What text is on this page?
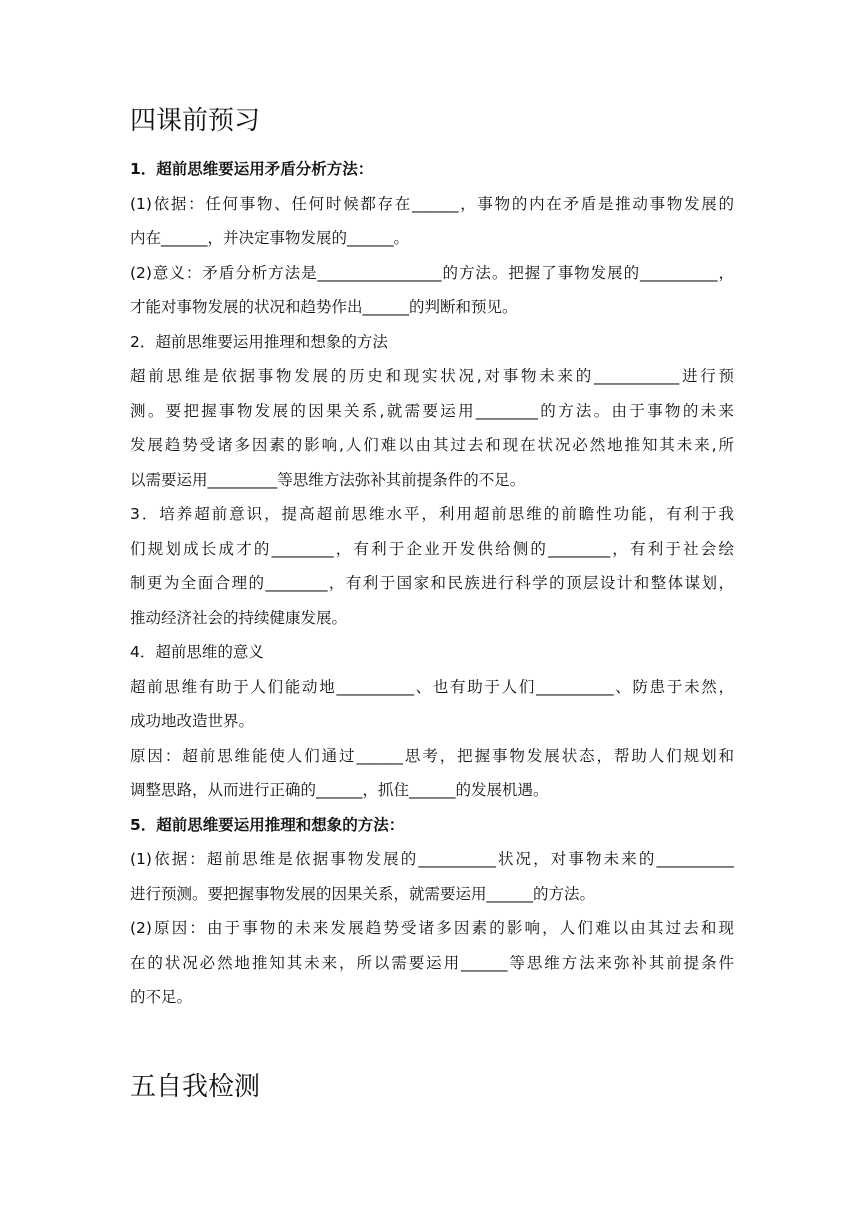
四课前预习
1．超前思维要运用矛盾分析方法：
(1)依据：任何事物、任何时候都存在______，事物的内在矛盾是推动事物发展的
内在______，并决定事物发展的______。
(2)意义：矛盾分析方法是________________的方法。把握了事物发展的__________，
才能对事物发展的状况和趋势作出______的判断和预见。
2．超前思维要运用推理和想象的方法
超前思维是依据事物发展的历史和现实状况,对事物未来的___________进行预
测。要把握事物发展的因果关系,就需要运用________的方法。由于事物的未来
发展趋势受诸多因素的影响,人们难以由其过去和现在状况必然地推知其未来,所
以需要运用_________等思维方法弥补其前提条件的不足。
3．培养超前意识，提高超前思维水平，利用超前思维的前瞻性功能，有利于我
们规划成长成才的________，有利于企业开发供给侧的________，有利于社会绘
制更为全面合理的________，有利于国家和民族进行科学的顶层设计和整体谋划，
推动经济社会的持续健康发展。
4．超前思维的意义
超前思维有助于人们能动地__________、也有助于人们__________、防患于未然，
成功地改造世界。
原因：超前思维能使人们通过______思考，把握事物发展状态，帮助人们规划和
调整思路，从而进行正确的______，抓住______的发展机遇。
5．超前思维要运用推理和想象的方法：
(1)依据：超前思维是依据事物发展的__________状况，对事物未来的__________
进行预测。要把握事物发展的因果关系，就需要运用______的方法。
(2)原因：由于事物的未来发展趋势受诸多因素的影响，人们难以由其过去和现
在的状况必然地推知其未来，所以需要运用______等思维方法来弥补其前提条件
的不足。
五自我检测
